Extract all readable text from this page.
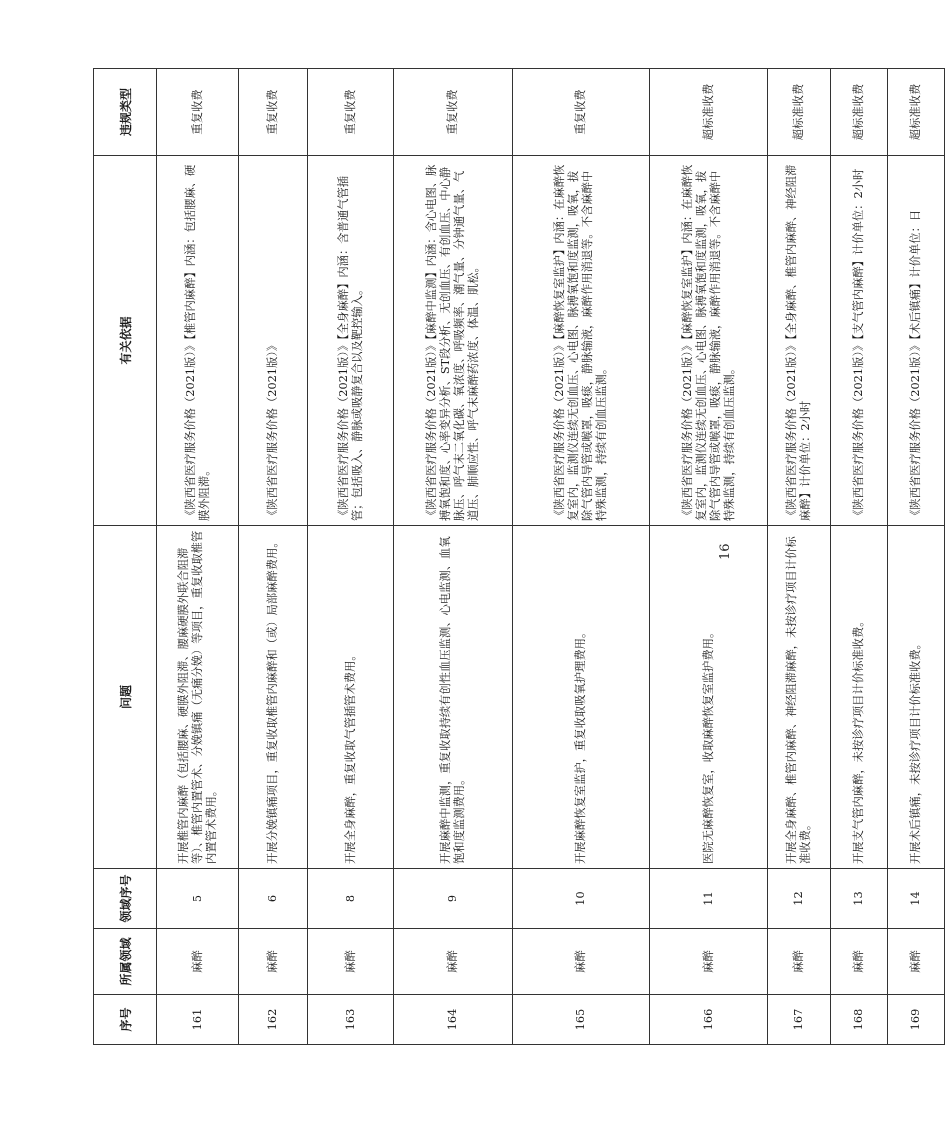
序号	所属领域	领域序号	问题	有关依据	违规类型
161	麻醉	5	开展椎管内麻醉（包括腰麻、硬膜外阻滞、腰麻硬膜外联合阻滞等）、椎管内置管术、分娩镇痛（无痛分娩）等项目，重复收取椎管内置管术费用。	《陕西省医疗服务价格（2021版）》【椎管内麻醉】内涵：包括腰麻、硬膜外阻滞。	重复收费
162	麻醉	6	开展分娩镇痛项目，重复收取椎管内麻醉和（或）局部麻醉费用。	《陕西省医疗服务价格（2021版）》	重复收费
163	麻醉	8	开展全身麻醉，重复收取气管插管术费用。	《陕西省医疗服务价格（2021版）》【全身麻醉】内涵：含普通气管插管；包括吸入、静脉或吸静复合以及靶控输入。	重复收费
164	麻醉	9	开展麻醉中监测，重复收取持续有创性血压监测、心电监测、血氧饱和度监测费用。	《陕西省医疗服务价格（2021版）》【麻醉中监测】内涵：含心电图、脉搏氧饱和度、心率变异分析、ST段分析、无创血压、有创血压、中心静脉压、呼气末二氧化碳、氧浓度、呼吸频率、潮气量、分钟通气量、气道压、肺顺应性、呼气末麻醉药浓度、体温、肌松。	重复收费
165	麻醉	10	开展麻醉恢复室监护，重复收取吸氧护理费用。	《陕西省医疗服务价格（2021版）》【麻醉恢复室监护】内涵：在麻醉恢复室内，监测仪连续无创血压、心电图、脉搏氧饱和度监测，吸氧，拔除气管内导管或喉罩，吸痰，静脉输液，麻醉作用消退等。不含麻醉中特殊监测，持续有创血压监测。	重复收费
166	麻醉	11	医院无麻醉恢复室，收取麻醉恢复室监护费用。	《陕西省医疗服务价格（2021版）》【麻醉恢复室监护】内涵：在麻醉恢复室内，监测仪连续无创血压、心电图、脉搏氧饱和度监测，吸氧，拔除气管内导管或喉罩，吸痰，静脉输液，麻醉作用消退等。不含麻醉中特殊监测，持续有创血压监测。	超标准收费
167	麻醉	12	开展全身麻醉、椎管内麻醉、神经阻滞麻醉，未按诊疗项目计价标准收费。	《陕西省医疗服务价格（2021版）》【全身麻醉、椎管内麻醉、神经阻滞麻醉】计价单位：2小时	超标准收费
168	麻醉	13	开展支气管内麻醉，未按诊疗项目计价标准收费。	《陕西省医疗服务价格（2021版）》【支气管内麻醉】计价单位：2小时	超标准收费
169	麻醉	14	开展术后镇痛，未按诊疗项目计价标准收费。	《陕西省医疗服务价格（2021版）》【术后镇痛】计价单位：日	超标准收费
16
